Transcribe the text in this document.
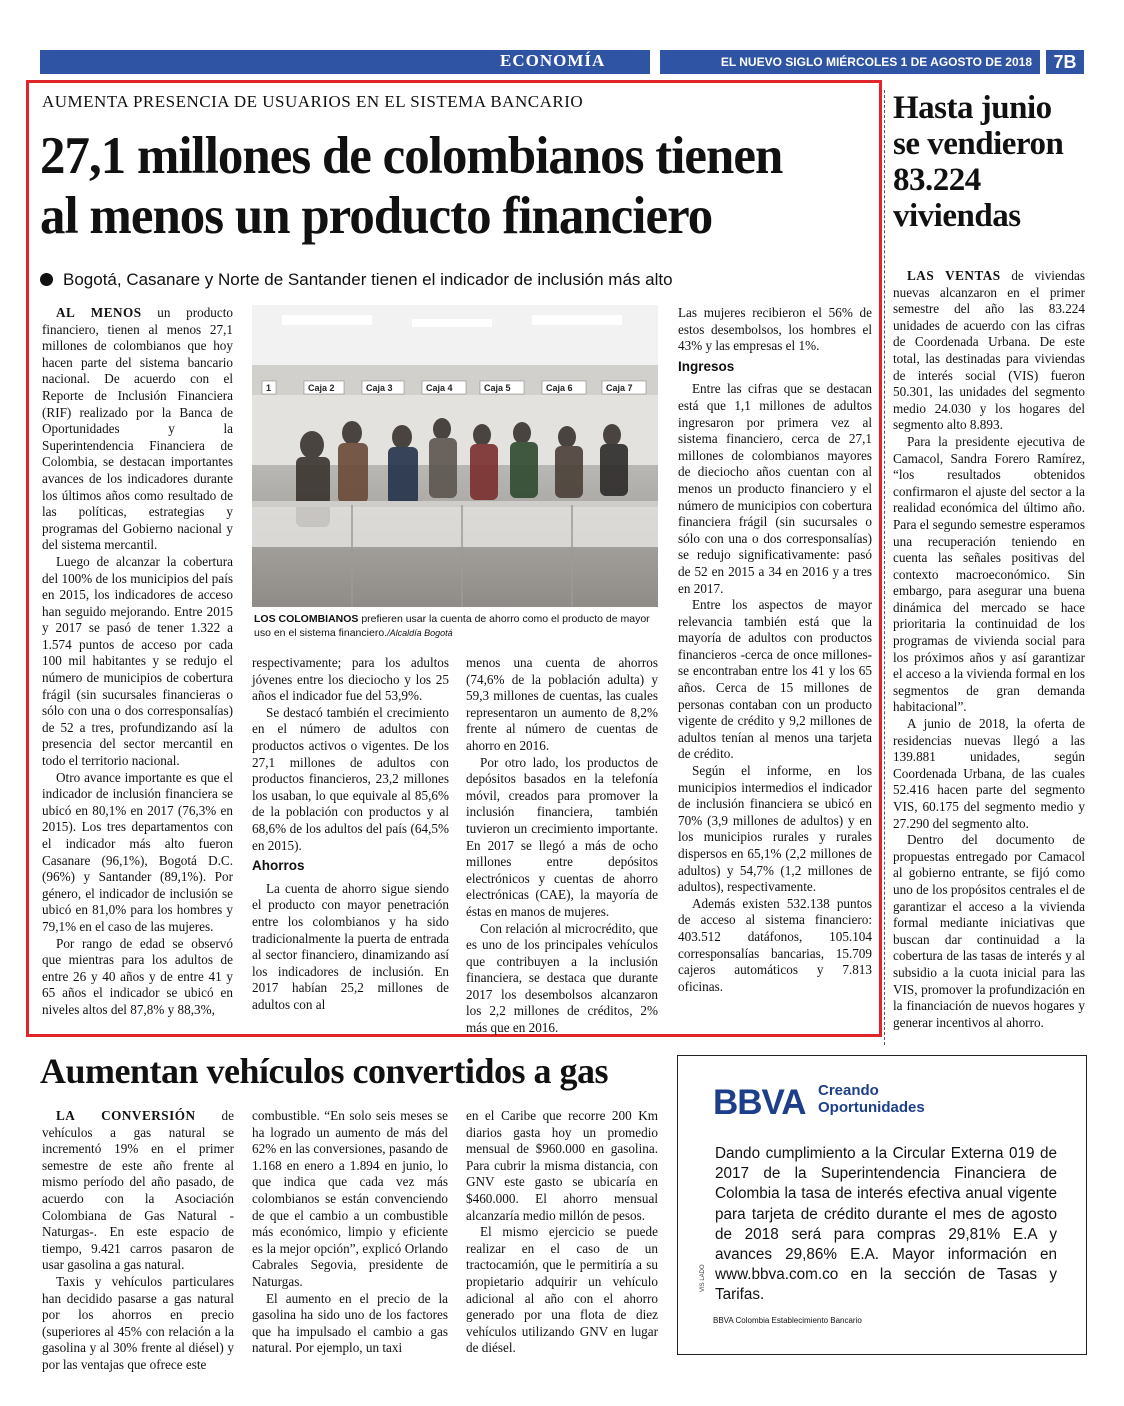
ECONOMÍA	EL NUEVO SIGLO MIÉRCOLES 1 DE AGOSTO DE 2018	7B
AUMENTA PRESENCIA DE USUARIOS EN EL SISTEMA BANCARIO
27,1 millones de colombianos tienen
al menos un producto financiero
Bogotá, Casanare y Norte de Santander tienen el indicador de inclusión más alto

AL MENOS un producto financiero, tienen al menos 27,1 millones de colombianos que hoy hacen parte del sistema bancario nacional. De acuerdo con el Reporte de Inclusión Financiera (RIF) realizado por la Banca de Oportunidades y la Superintendencia Financiera de Colombia, se destacan importantes avances de los indicadores durante los últimos años como resultado de las políticas, estrategias y programas del Gobierno nacional y del sistema mercantil.

Luego de alcanzar la cobertura del 100% de los municipios del país en 2015, los indicadores de acceso han seguido mejorando. Entre 2015 y 2017 se pasó de tener 1.322 a 1.574 puntos de acceso por cada 100 mil habitantes y se redujo el número de municipios de cobertura frágil (sin sucursales financieras o sólo con una o dos corresponsalías) de 52 a tres, profundizando así la presencia del sector mercantil en todo el territorio nacional.

Otro avance importante es que el indicador de inclusión financiera se ubicó en 80,1% en 2017 (76,3% en 2015). Los tres departamentos con el indicador más alto fueron Casanare (96,1%), Bogotá D.C. (96%) y Santander (89,1%). Por género, el indicador de inclusión se ubicó en 81,0% para los hombres y 79,1% en el caso de las mujeres.

Por rango de edad se observó que mientras para los adultos de entre 26 y 40 años y de entre 41 y 65 años el indicador se ubicó en niveles altos del 87,8% y 88,3%,

1	Caja 2	Caja 3	Caja 4	Caja 5	Caja 6	Caja 7
LOS COLOMBIANOS prefieren usar la cuenta de ahorro como el producto de mayor uso en el sistema financiero./Alcaldía Bogotá

respectivamente; para los adultos jóvenes entre los dieciocho y los 25 años el indicador fue del 53,9%.

Se destacó también el crecimiento en el número de adultos con productos activos o vigentes. De los 27,1 millones de adultos con productos financieros, 23,2 millones los usaban, lo que equivale al 85,6% de la población con productos y al 68,6% de los adultos del país (64,5% en 2015).

Ahorros

La cuenta de ahorro sigue siendo el producto con mayor penetración entre los colombianos y ha sido tradicionalmente la puerta de entrada al sector financiero, dinamizando así los indicadores de inclusión. En 2017 habían 25,2 millones de adultos con al

menos una cuenta de ahorros (74,6% de la población adulta) y 59,3 millones de cuentas, las cuales representaron un aumento de 8,2% frente al número de cuentas de ahorro en 2016.

Por otro lado, los productos de depósitos basados en la telefonía móvil, creados para promover la inclusión financiera, también tuvieron un crecimiento importante. En 2017 se llegó a más de ocho millones entre depósitos electrónicos y cuentas de ahorro electrónicas (CAE), la mayoría de éstas en manos de mujeres.

Con relación al microcrédito, que es uno de los principales vehículos que contribuyen a la inclusión financiera, se destaca que durante 2017 los desembolsos alcanzaron los 2,2 millones de créditos, 2% más que en 2016.

Las mujeres recibieron el 56% de estos desembolsos, los hombres el 43% y las empresas el 1%.

Ingresos

Entre las cifras que se destacan está que 1,1 millones de adultos ingresaron por primera vez al sistema financiero, cerca de 27,1 millones de colombianos mayores de dieciocho años cuentan con al menos un producto financiero y el número de municipios con cobertura financiera frágil (sin sucursales o sólo con una o dos corresponsalías) se redujo significativamente: pasó de 52 en 2015 a 34 en 2016 y a tres en 2017.

Entre los aspectos de mayor relevancia también está que la mayoría de adultos con productos financieros -cerca de once millones- se encontraban entre los 41 y los 65 años. Cerca de 15 millones de personas contaban con un producto vigente de crédito y 9,2 millones de adultos tenían al menos una tarjeta de crédito.

Según el informe, en los municipios intermedios el indicador de inclusión financiera se ubicó en 70% (3,9 millones de adultos) y en los municipios rurales y rurales dispersos en 65,1% (2,2 millones de adultos) y 54,7% (1,2 millones de adultos), respectivamente.

Además existen 532.138 puntos de acceso al sistema financiero: 403.512 datáfonos, 105.104 corresponsalías bancarias, 15.709 cajeros automáticos y 7.813 oficinas.

Hasta junio
se vendieron
83.224
viviendas

LAS VENTAS de viviendas nuevas alcanzaron en el primer semestre del año las 83.224 unidades de acuerdo con las cifras de Coordenada Urbana. De este total, las destinadas para viviendas de interés social (VIS) fueron 50.301, las unidades del segmento medio 24.030 y los hogares del segmento alto 8.893.

Para la presidente ejecutiva de Camacol, Sandra Forero Ramírez, “los resultados obtenidos confirmaron el ajuste del sector a la realidad económica del último año. Para el segundo semestre esperamos una recuperación teniendo en cuenta las señales positivas del contexto macroeconómico. Sin embargo, para asegurar una buena dinámica del mercado se hace prioritaria la continuidad de los programas de vivienda social para los próximos años y así garantizar el acceso a la vivienda formal en los segmentos de gran demanda habitacional”.

A junio de 2018, la oferta de residencias nuevas llegó a las 139.881 unidades, según Coordenada Urbana, de las cuales 52.416 hacen parte del segmento VIS, 60.175 del segmento medio y 27.290 del segmento alto.

Dentro del documento de propuestas entregado por Camacol al gobierno entrante, se fijó como uno de los propósitos centrales el de garantizar el acceso a la vivienda formal mediante iniciativas que buscan dar continuidad a la cobertura de las tasas de interés y al subsidio a la cuota inicial para las VIS, promover la profundización en la financiación de nuevos hogares y generar incentivos al ahorro.

Aumentan vehículos convertidos a gas

LA CONVERSIÓN de vehículos a gas natural se incrementó 19% en el primer semestre de este año frente al mismo período del año pasado, de acuerdo con la Asociación Colombiana de Gas Natural -Naturgas-. En este espacio de tiempo, 9.421 carros pasaron de usar gasolina a gas natural.

Taxis y vehículos particulares han decidido pasarse a gas natural por los ahorros en precio (superiores al 45% con relación a la gasolina y al 30% frente al diésel) y por las ventajas que ofrece este

combustible. “En solo seis meses se ha logrado un aumento de más del 62% en las conversiones, pasando de 1.168 en enero a 1.894 en junio, lo que indica que cada vez más colombianos se están convenciendo de que el cambio a un combustible más económico, limpio y eficiente es la mejor opción”, explicó Orlando Cabrales Segovia, presidente de Naturgas.

El aumento en el precio de la gasolina ha sido uno de los factores que ha impulsado el cambio a gas natural. Por ejemplo, un taxi

en el Caribe que recorre 200 Km diarios gasta hoy un promedio mensual de $960.000 en gasolina. Para cubrir la misma distancia, con GNV este gasto se ubicaría en $460.000. El ahorro mensual alcanzaría medio millón de pesos.

El mismo ejercicio se puede realizar en el caso de un tractocamión, que le permitiría a su propietario adquirir un vehículo adicional al año con el ahorro generado por una flota de diez vehículos utilizando GNV en lugar de diésel.

BBVA Creando
Oportunidades
Dando cumplimiento a la Circular Externa 019 de 2017 de la Superintendencia Financiera de Colombia la tasa de interés efectiva anual vigente para tarjeta de crédito durante el mes de agosto de 2018 será para compras 29,81% E.A y avances 29,86% E.A. Mayor información en www.bbva.com.co en la sección de Tasas y Tarifas.
BBVA Colombia Establecimiento Bancario
VIS LADO
